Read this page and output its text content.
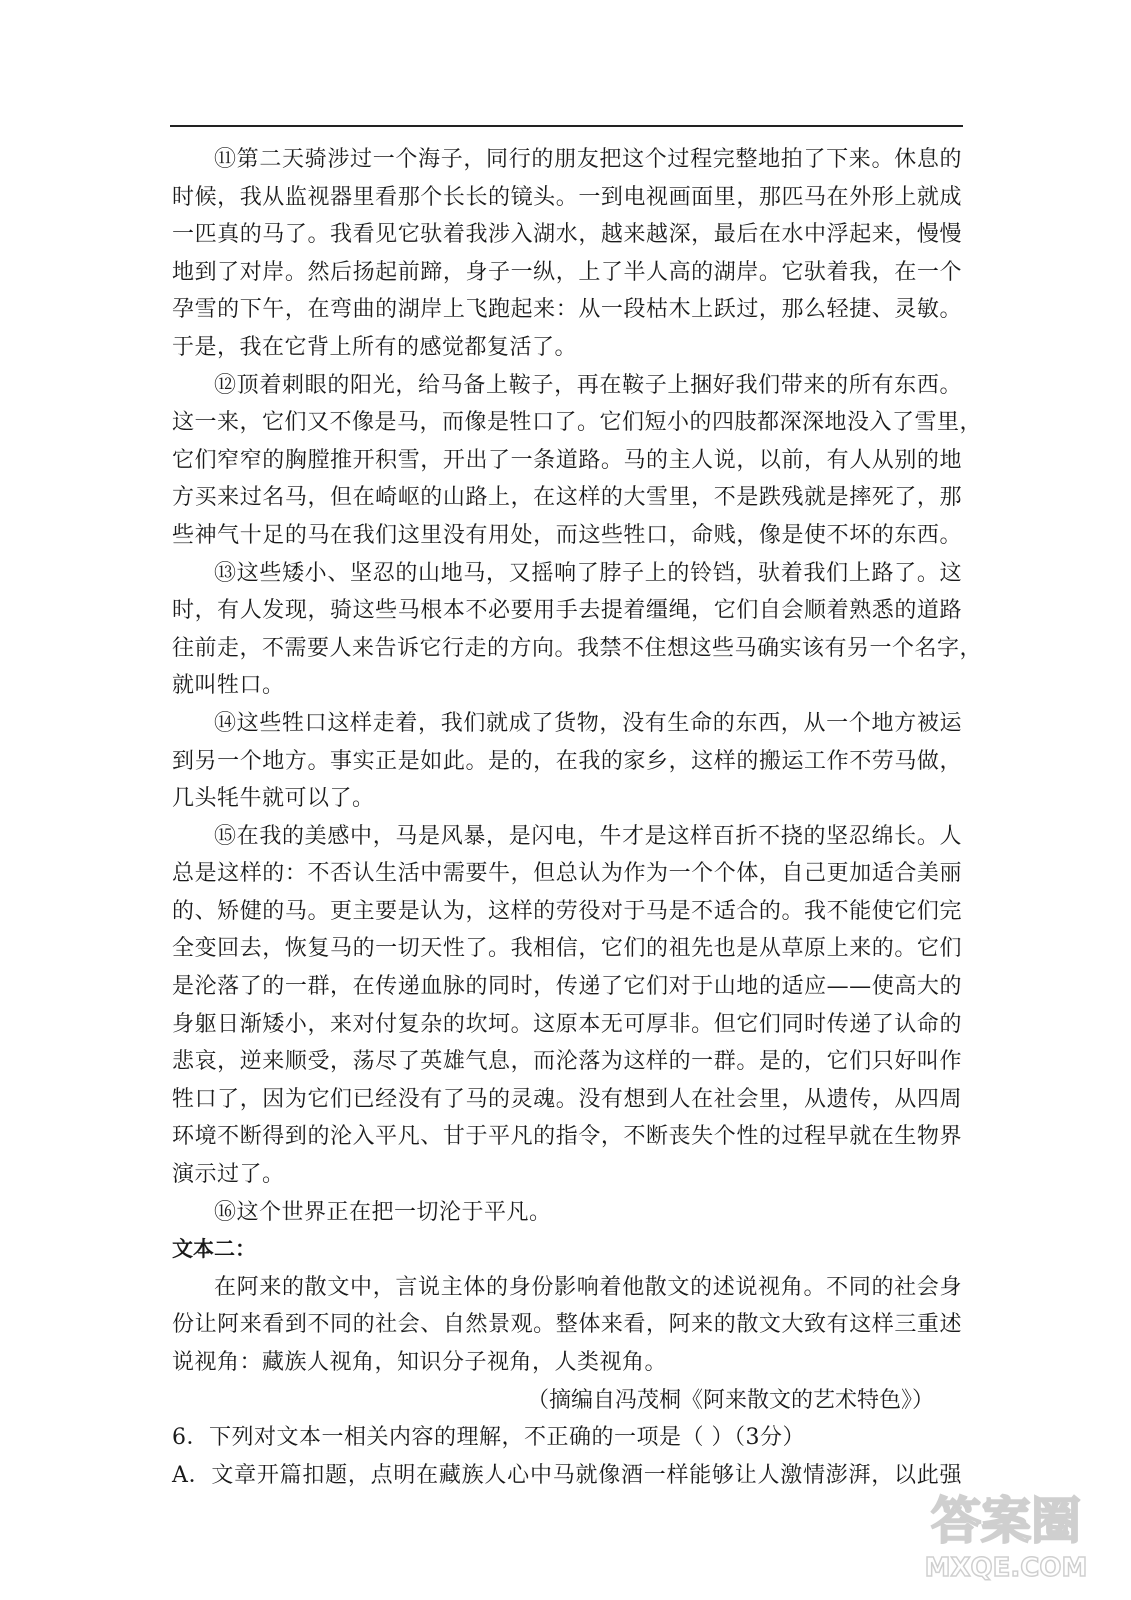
⑪第二天骑涉过一个海子，同行的朋友把这个过程完整地拍了下来。休息的
时候，我从监视器里看那个长长的镜头。一到电视画面里，那匹马在外形上就成
一匹真的马了。我看见它驮着我涉入湖水，越来越深，最后在水中浮起来，慢慢
地到了对岸。然后扬起前蹄，身子一纵，上了半人高的湖岸。它驮着我，在一个
孕雪的下午，在弯曲的湖岸上飞跑起来：从一段枯木上跃过，那么轻捷、灵敏。
于是，我在它背上所有的感觉都复活了。
⑫顶着刺眼的阳光，给马备上鞍子，再在鞍子上捆好我们带来的所有东西。
这一来，它们又不像是马，而像是牲口了。它们短小的四肢都深深地没入了雪里，
它们窄窄的胸膛推开积雪，开出了一条道路。马的主人说，以前，有人从别的地
方买来过名马，但在崎岖的山路上，在这样的大雪里，不是跌残就是摔死了，那
些神气十足的马在我们这里没有用处，而这些牲口，命贱，像是使不坏的东西。
⑬这些矮小、坚忍的山地马，又摇响了脖子上的铃铛，驮着我们上路了。这
时，有人发现，骑这些马根本不必要用手去提着缰绳，它们自会顺着熟悉的道路
往前走，不需要人来告诉它行走的方向。我禁不住想这些马确实该有另一个名字，
就叫牲口。
⑭这些牲口这样走着，我们就成了货物，没有生命的东西，从一个地方被运
到另一个地方。事实正是如此。是的，在我的家乡，这样的搬运工作不劳马做，
几头牦牛就可以了。
⑮在我的美感中，马是风暴，是闪电，牛才是这样百折不挠的坚忍绵长。人
总是这样的：不否认生活中需要牛，但总认为作为一个个体，自己更加适合美丽
的、矫健的马。更主要是认为，这样的劳役对于马是不适合的。我不能使它们完
全变回去，恢复马的一切天性了。我相信，它们的祖先也是从草原上来的。它们
是沦落了的一群，在传递血脉的同时，传递了它们对于山地的适应——使高大的
身躯日渐矮小，来对付复杂的坎坷。这原本无可厚非。但它们同时传递了认命的
悲哀，逆来顺受，荡尽了英雄气息，而沦落为这样的一群。是的，它们只好叫作
牲口了，因为它们已经没有了马的灵魂。没有想到人在社会里，从遗传，从四周
环境不断得到的沦入平凡、甘于平凡的指令，不断丧失个性的过程早就在生物界
演示过了。
⑯这个世界正在把一切沦于平凡。
文本二：
在阿来的散文中，言说主体的身份影响着他散文的述说视角。不同的社会身
份让阿来看到不同的社会、自然景观。整体来看，阿来的散文大致有这样三重述
说视角：藏族人视角，知识分子视角，人类视角。
（摘编自冯茂桐《阿来散文的艺术特色》）
6．下列对文本一相关内容的理解，不正确的一项是（ ）（3分）
A．文章开篇扣题，点明在藏族人心中马就像酒一样能够让人激情澎湃，以此强
答案圈
MXQE.COM
